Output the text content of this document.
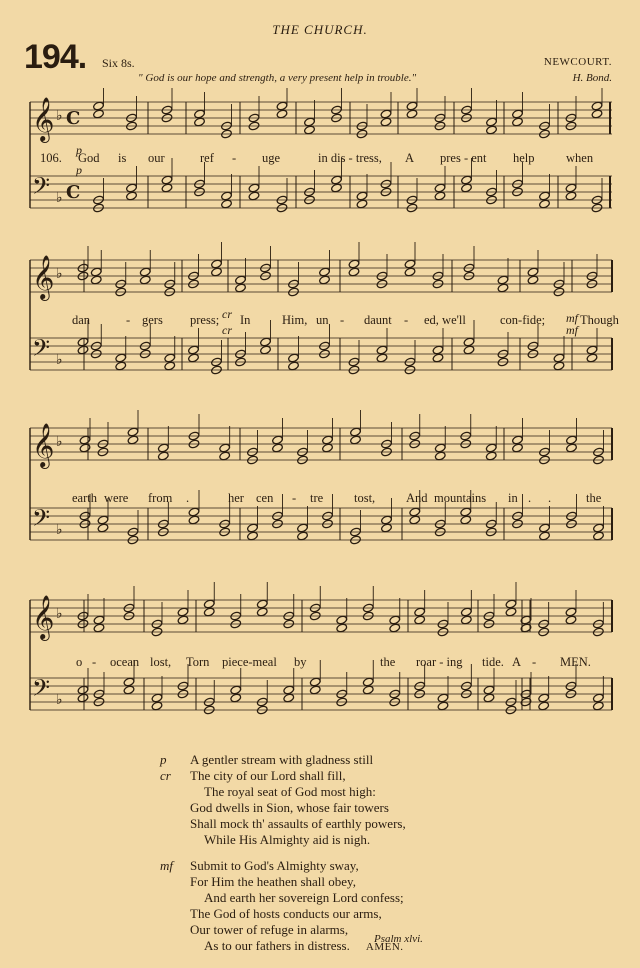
THE CHURCH.
194. Six 8s.	NEWCOURT.
" God is our hope and strength, a very present help in trouble."	H. Bond.
𝄞 ♭ C
𝄢 ♭ C
God is our	ref - uge	in dis - tress, A pres - ent help	when
106.
p
p
𝄞 ♭
𝄢 ♭
dan	- gers press; In	Him, un - daunt - ed, we'll	con-fide;	Though
cr
cr
mf
mf
𝄞 ♭
𝄢 ♭
earth were from .	her cen - tre tost, And mountains in . .	the
𝄞 ♭
𝄢 ♭
o - ocean lost, Torn piece-meal by	the roar - ing tide. A - MEN.
p	A gentler stream with gladness still
cr	The city of our Lord shall fill,
The royal seat of God most high:
God dwells in Sion, whose fair towers
Shall mock th' assaults of earthly powers,
While His Almighty aid is nigh.
mf	Submit to God's Almighty sway,
For Him the heathen shall obey,
And earth her sovereign Lord confess;
The God of hosts conducts our arms,
Our tower of refuge in alarms,
As to our fathers in distress. AMEN.
Psalm xlvi.
